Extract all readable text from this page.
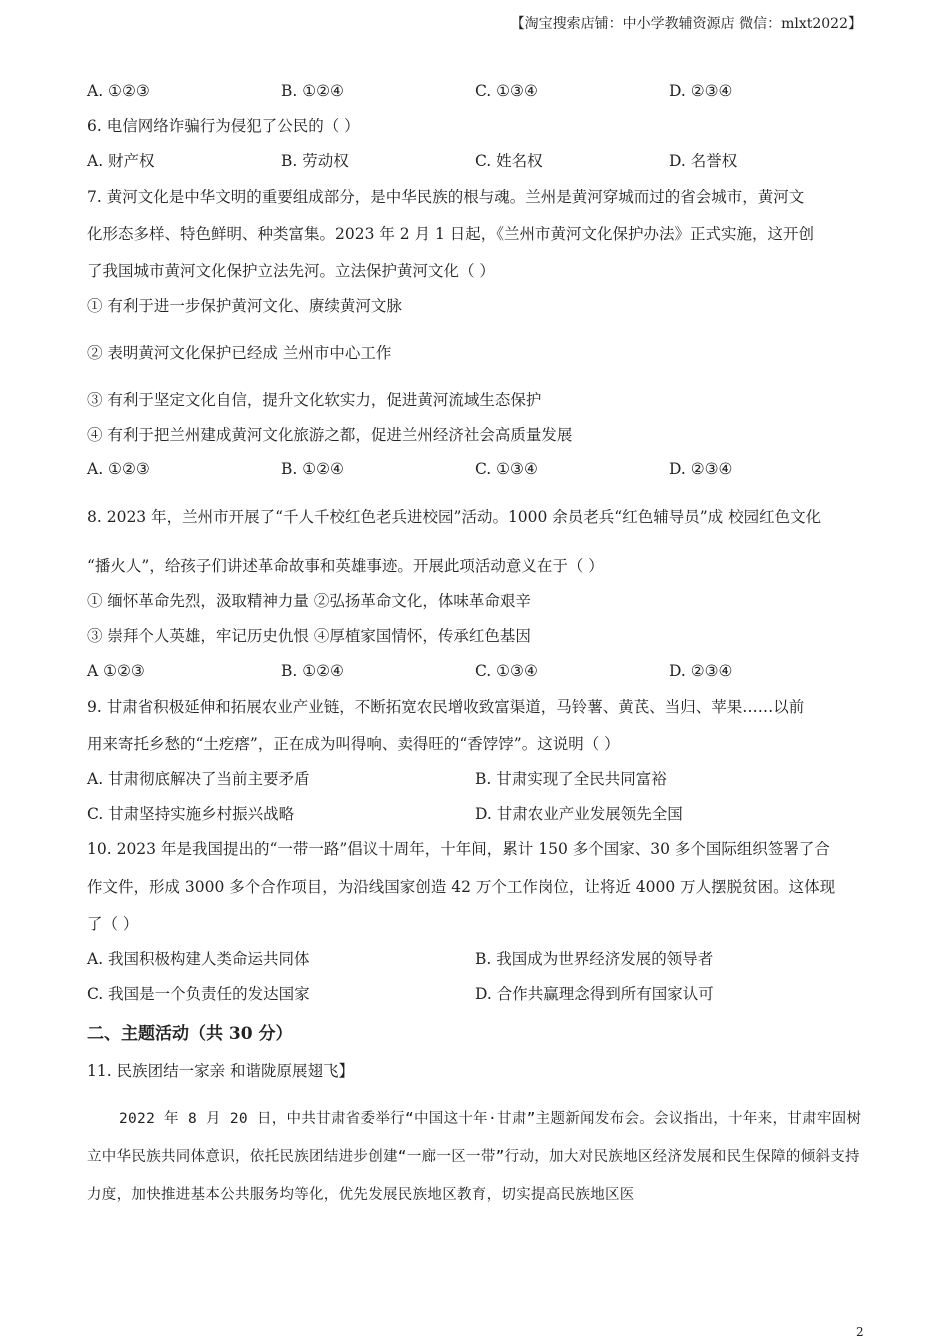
【淘宝搜索店铺：中小学教辅资源店 微信：mlxt2022】
A. ①②③	B. ①②④	C. ①③④	D. ②③④
6. 电信网络诈骗行为侵犯了公民的（ ）
A. 财产权	B. 劳动权	C. 姓名权	D. 名誉权
7. 黄河文化是中华文明的重要组成部分，是中华民族的根与魂。兰州是黄河穿城而过的省会城市，黄河文
化形态多样、特色鲜明、种类富集。2023 年 2 月 1 日起，《兰州市黄河文化保护办法》正式实施，这开创
了我国城市黄河文化保护立法先河。立法保护黄河文化（ ）
① 有利于进一步保护黄河文化、赓续黄河文脉
② 表明黄河文化保护已经成 兰州市中心工作
③ 有利于坚定文化自信，提升文化软实力，促进黄河流域生态保护
④ 有利于把兰州建成黄河文化旅游之都，促进兰州经济社会高质量发展
A. ①②③	B. ①②④	C. ①③④	D. ②③④
8. 2023 年，兰州市开展了“千人千校红色老兵进校园”活动。1000 余员老兵“红色辅导员”成 校园红色文化
“播火人”，给孩子们讲述革命故事和英雄事迹。开展此项活动意义在于（ ）
① 缅怀革命先烈，汲取精神力量 ②弘扬革命文化，体味革命艰辛
③ 崇拜个人英雄，牢记历史仇恨 ④厚植家国情怀，传承红色基因
A ①②③	B. ①②④	C. ①③④	D. ②③④
9. 甘肃省积极延伸和拓展农业产业链，不断拓宽农民增收致富渠道，马铃薯、黄芪、当归、苹果……以前
用来寄托乡愁的“土疙瘩”，正在成为叫得响、卖得旺的“香饽饽”。这说明（ ）
A. 甘肃彻底解决了当前主要矛盾	B. 甘肃实现了全民共同富裕
C. 甘肃坚持实施乡村振兴战略	D. 甘肃农业产业发展领先全国
10. 2023 年是我国提出的“一带一路”倡议十周年，十年间，累计 150 多个国家、30 多个国际组织签署了合
作文件，形成 3000 多个合作项目，为沿线国家创造 42 万个工作岗位，让将近 4000 万人摆脱贫困。这体现
了（ ）
A. 我国积极构建人类命运共同体	B. 我国成为世界经济发展的领导者
C. 我国是一个负责任的发达国家	D. 合作共赢理念得到所有国家认可
二、主题活动（共 30 分）
11. 民族团结一家亲 和谐陇原展翅飞】
2022 年 8 月 20 日，中共甘肃省委举行“中国这十年·甘肃”主题新闻发布会。会议指出，十年来，甘肃牢固树立中华民族共同体意识，依托民族团结进步创建“一廊一区一带”行动，加大对民族地区经济发展和民生保障的倾斜支持力度，加快推进基本公共服务均等化，优先发展民族地区教育，切实提高民族地区医
2
